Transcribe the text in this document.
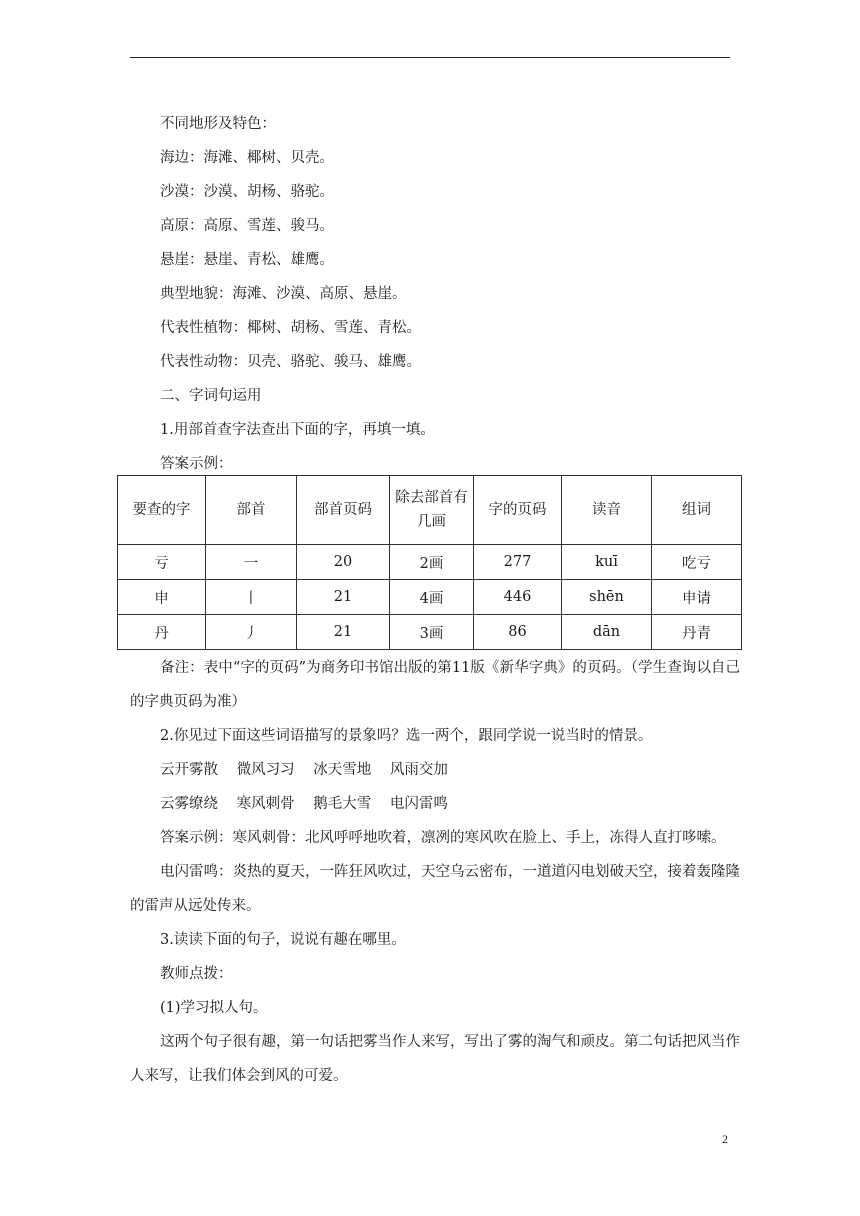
不同地形及特色：
海边：海滩、椰树、贝壳。
沙漠：沙漠、胡杨、骆驼。
高原：高原、雪莲、骏马。
悬崖：悬崖、青松、雄鹰。
典型地貌：海滩、沙漠、高原、悬崖。
代表性植物：椰树、胡杨、雪莲、青松。
代表性动物：贝壳、骆驼、骏马、雄鹰。
二、字词句运用
1.用部首查字法查出下面的字，再填一填。
答案示例：
要查的字	部首	部首页码	除去部首有几画	字的页码	读音	组词
亏	一	20	2画	277	kuī	吃亏
申	丨	21	4画	446	shēn	申请
丹	丿	21	3画	86	dān	丹青
备注：表中“字的页码”为商务印书馆出版的第11版《新华字典》的页码。（学生查询以自己的字典页码为准）
2.你见过下面这些词语描写的景象吗？选一两个，跟同学说一说当时的情景。
云开雾散 微风习习 冰天雪地 风雨交加
云雾缭绕 寒风刺骨 鹅毛大雪 电闪雷鸣
答案示例：寒风刺骨：北风呼呼地吹着，凛冽的寒风吹在脸上、手上，冻得人直打哆嗦。
电闪雷鸣：炎热的夏天，一阵狂风吹过，天空乌云密布，一道道闪电划破天空，接着轰隆隆的雷声从远处传来。
3.读读下面的句子，说说有趣在哪里。
教师点拨：
(1)学习拟人句。
这两个句子很有趣，第一句话把雾当作人来写，写出了雾的淘气和顽皮。第二句话把风当作人来写，让我们体会到风的可爱。
2
